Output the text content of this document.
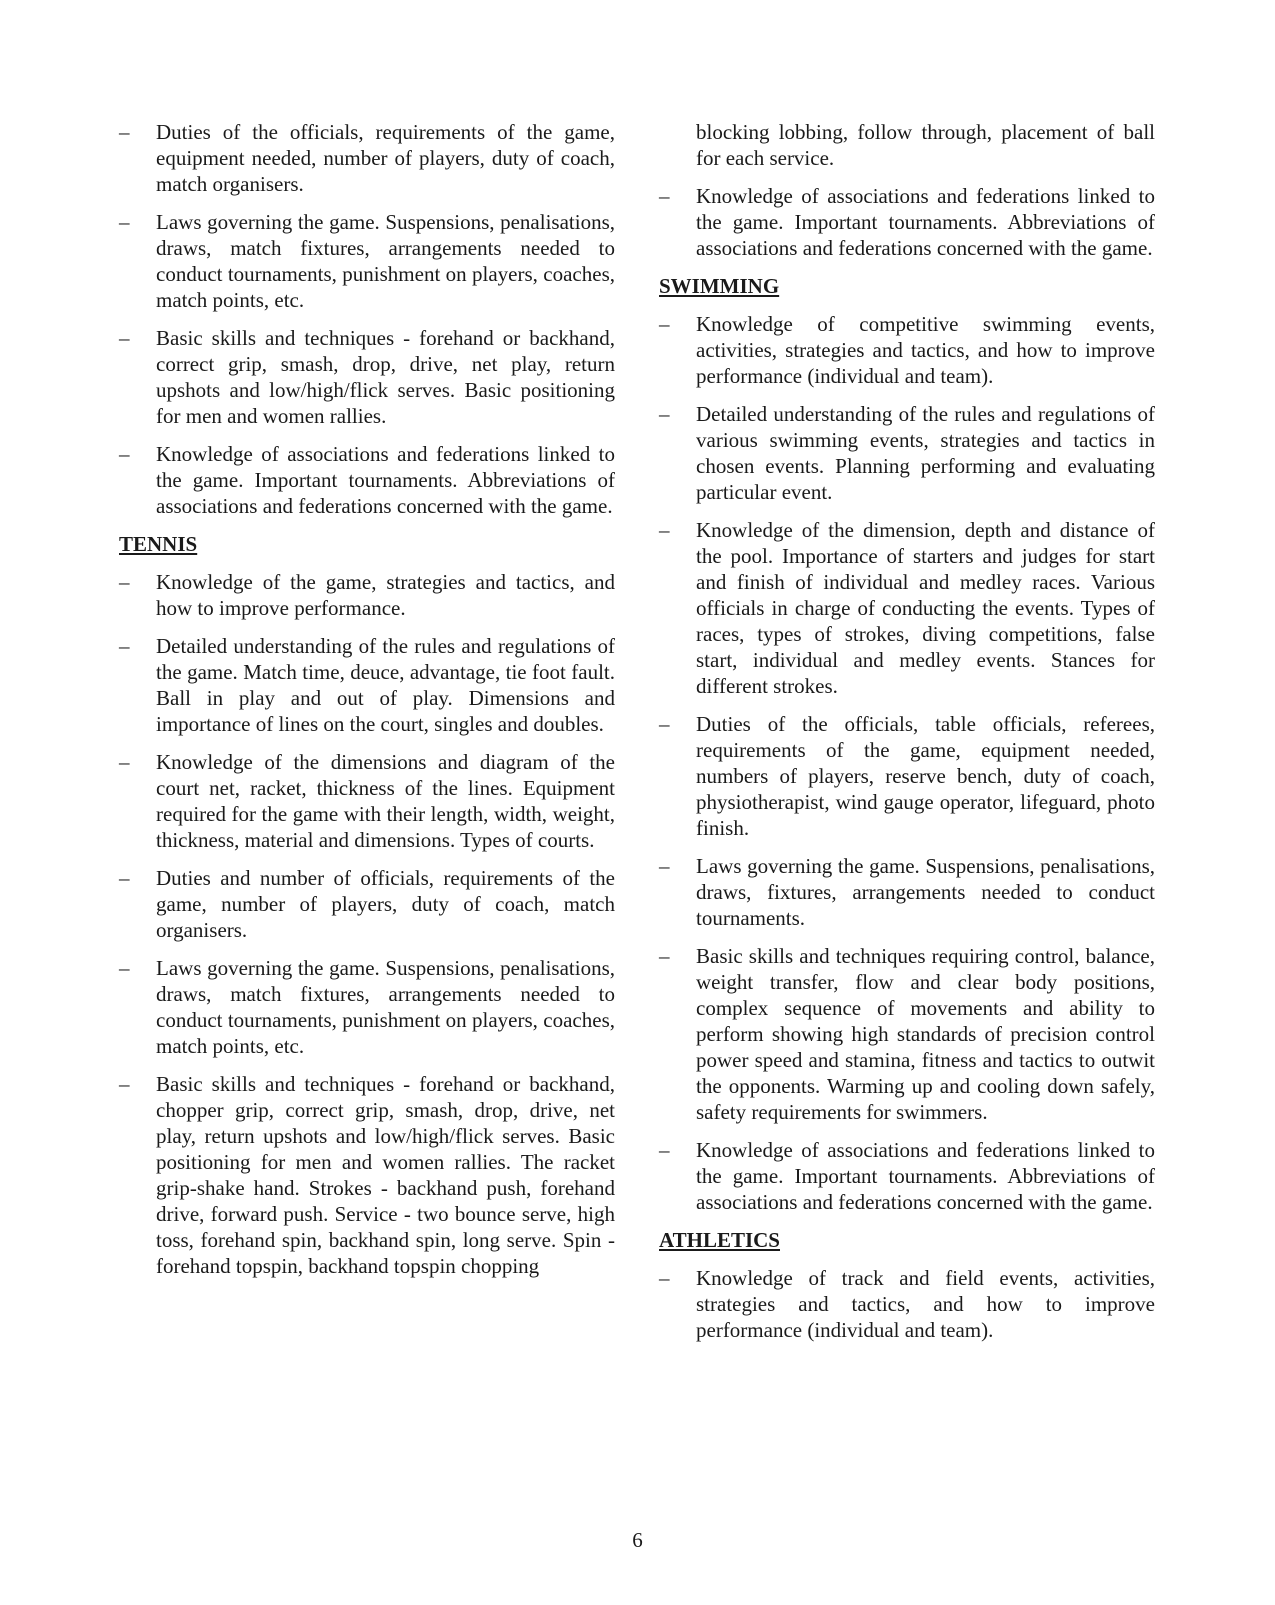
– Duties of the officials, requirements of the game, equipment needed, number of players, duty of coach, match organisers.
– Laws governing the game. Suspensions, penalisations, draws, match fixtures, arrangements needed to conduct tournaments, punishment on players, coaches, match points, etc.
– Basic skills and techniques - forehand or backhand, correct grip, smash, drop, drive, net play, return upshots and low/high/flick serves. Basic positioning for men and women rallies.
– Knowledge of associations and federations linked to the game. Important tournaments. Abbreviations of associations and federations concerned with the game.
TENNIS
– Knowledge of the game, strategies and tactics, and how to improve performance.
– Detailed understanding of the rules and regulations of the game. Match time, deuce, advantage, tie foot fault. Ball in play and out of play. Dimensions and importance of lines on the court, singles and doubles.
– Knowledge of the dimensions and diagram of the court net, racket, thickness of the lines. Equipment required for the game with their length, width, weight, thickness, material and dimensions. Types of courts.
– Duties and number of officials, requirements of the game, number of players, duty of coach, match organisers.
– Laws governing the game. Suspensions, penalisations, draws, match fixtures, arrangements needed to conduct tournaments, punishment on players, coaches, match points, etc.
– Basic skills and techniques - forehand or backhand, chopper grip, correct grip, smash, drop, drive, net play, return upshots and low/high/flick serves. Basic positioning for men and women rallies. The racket grip-shake hand. Strokes - backhand push, forehand drive, forward push. Service - two bounce serve, high toss, forehand spin, backhand spin, long serve. Spin - forehand topspin, backhand topspin chopping
blocking lobbing, follow through, placement of ball for each service.
– Knowledge of associations and federations linked to the game. Important tournaments. Abbreviations of associations and federations concerned with the game.
SWIMMING
– Knowledge of competitive swimming events, activities, strategies and tactics, and how to improve performance (individual and team).
– Detailed understanding of the rules and regulations of various swimming events, strategies and tactics in chosen events. Planning performing and evaluating particular event.
– Knowledge of the dimension, depth and distance of the pool. Importance of starters and judges for start and finish of individual and medley races. Various officials in charge of conducting the events. Types of races, types of strokes, diving competitions, false start, individual and medley events. Stances for different strokes.
– Duties of the officials, table officials, referees, requirements of the game, equipment needed, numbers of players, reserve bench, duty of coach, physiotherapist, wind gauge operator, lifeguard, photo finish.
– Laws governing the game. Suspensions, penalisations, draws, fixtures, arrangements needed to conduct tournaments.
– Basic skills and techniques requiring control, balance, weight transfer, flow and clear body positions, complex sequence of movements and ability to perform showing high standards of precision control power speed and stamina, fitness and tactics to outwit the opponents. Warming up and cooling down safely, safety requirements for swimmers.
– Knowledge of associations and federations linked to the game. Important tournaments. Abbreviations of associations and federations concerned with the game.
ATHLETICS
– Knowledge of track and field events, activities, strategies and tactics, and how to improve performance (individual and team).
6
